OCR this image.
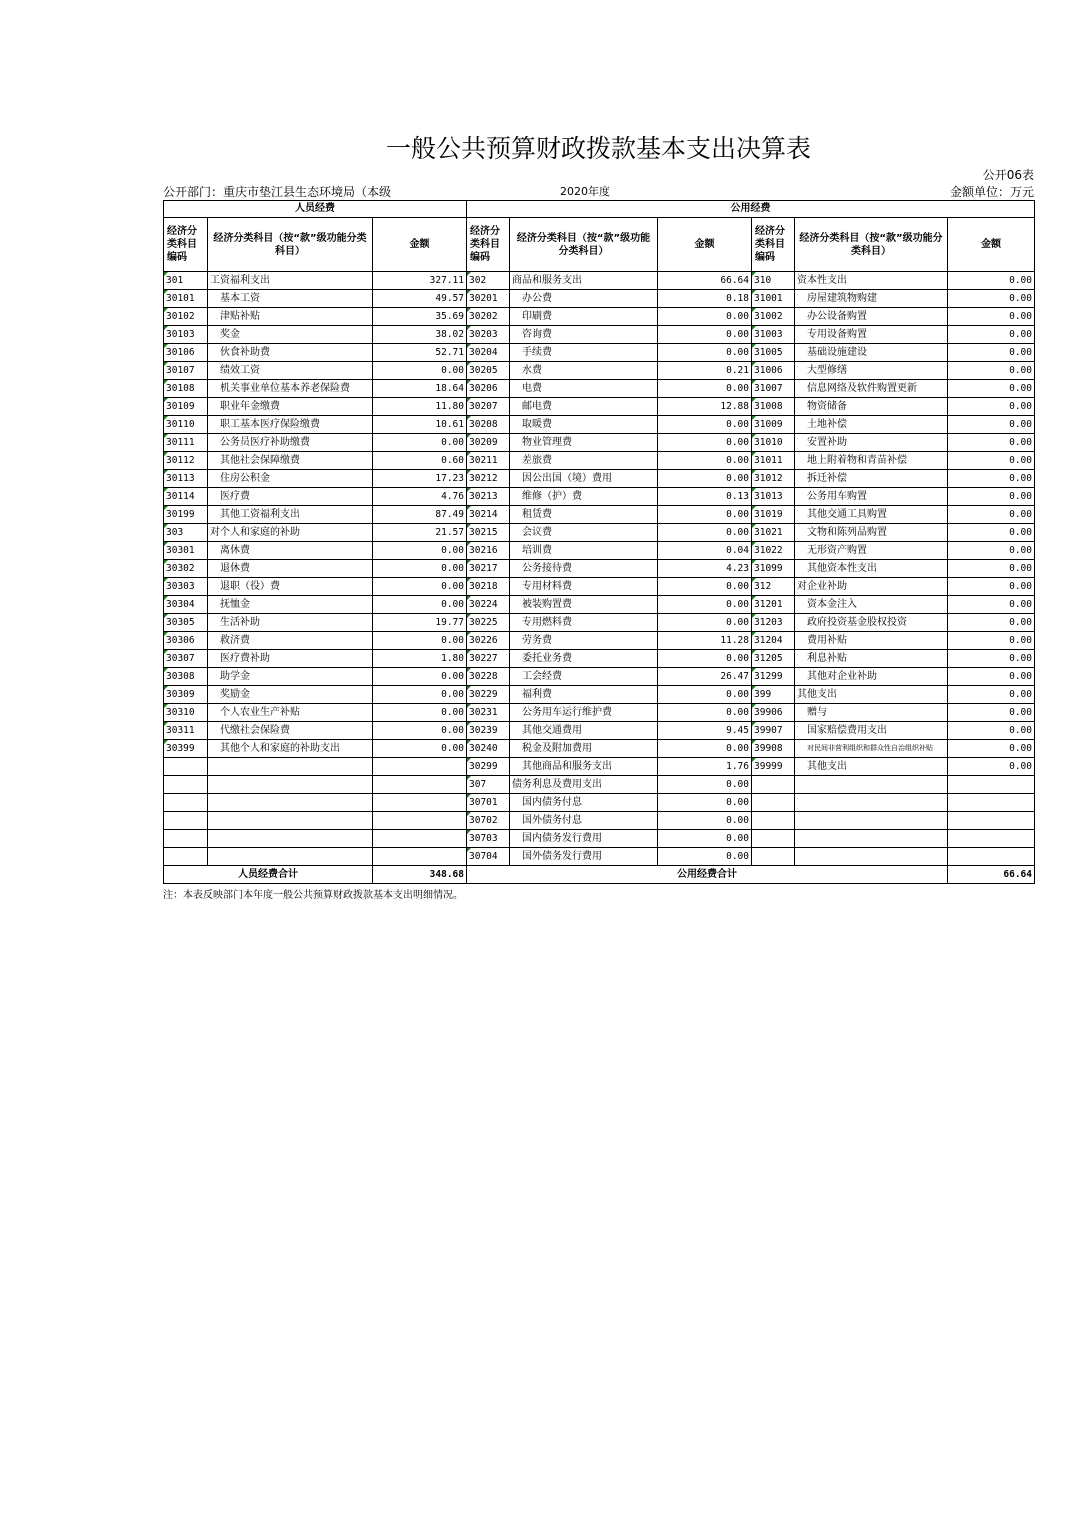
一般公共预算财政拨款基本支出决算表
公开06表
公开部门：重庆市垫江县生态环境局（本级	2020年度	金额单位：万元
人员经费			公用经费					
经济分类科目编码	经济分类科目（按“款”级功能分类科目）	金额	经济分类科目编码	经济分类科目（按“款”级功能分类科目）	金额	经济分类科目编码	经济分类科目（按“款”级功能分类科目）	金额
301	工资福利支出	327.11	302	商品和服务支出	66.64	310	资本性支出	0.00
30101	基本工资	49.57	30201	办公费	0.18	31001	房屋建筑物购建	0.00
30102	津贴补贴	35.69	30202	印刷费	0.00	31002	办公设备购置	0.00
30103	奖金	38.02	30203	咨询费	0.00	31003	专用设备购置	0.00
30106	伙食补助费	52.71	30204	手续费	0.00	31005	基础设施建设	0.00
30107	绩效工资	0.00	30205	水费	0.21	31006	大型修缮	0.00
30108	机关事业单位基本养老保险费	18.64	30206	电费	0.00	31007	信息网络及软件购置更新	0.00
30109	职业年金缴费	11.80	30207	邮电费	12.88	31008	物资储备	0.00
30110	职工基本医疗保险缴费	10.61	30208	取暖费	0.00	31009	土地补偿	0.00
30111	公务员医疗补助缴费	0.00	30209	物业管理费	0.00	31010	安置补助	0.00
30112	其他社会保障缴费	0.60	30211	差旅费	0.00	31011	地上附着物和青苗补偿	0.00
30113	住房公积金	17.23	30212	因公出国（境）费用	0.00	31012	拆迁补偿	0.00
30114	医疗费	4.76	30213	维修（护）费	0.13	31013	公务用车购置	0.00
30199	其他工资福利支出	87.49	30214	租赁费	0.00	31019	其他交通工具购置	0.00
303	对个人和家庭的补助	21.57	30215	会议费	0.00	31021	文物和陈列品购置	0.00
30301	离休费	0.00	30216	培训费	0.04	31022	无形资产购置	0.00
30302	退休费	0.00	30217	公务接待费	4.23	31099	其他资本性支出	0.00
30303	退职（役）费	0.00	30218	专用材料费	0.00	312	对企业补助	0.00
30304	抚恤金	0.00	30224	被装购置费	0.00	31201	资本金注入	0.00
30305	生活补助	19.77	30225	专用燃料费	0.00	31203	政府投资基金股权投资	0.00
30306	救济费	0.00	30226	劳务费	11.28	31204	费用补贴	0.00
30307	医疗费补助	1.80	30227	委托业务费	0.00	31205	利息补贴	0.00
30308	助学金	0.00	30228	工会经费	26.47	31299	其他对企业补助	0.00
30309	奖励金	0.00	30229	福利费	0.00	399	其他支出	0.00
30310	个人农业生产补贴	0.00	30231	公务用车运行维护费	0.00	39906	赠与	0.00
30311	代缴社会保险费	0.00	30239	其他交通费用	9.45	39907	国家赔偿费用支出	0.00
30399	其他个人和家庭的补助支出	0.00	30240	税金及附加费用	0.00	39908	对民间非营利组织和群众性自治组织补贴	0.00
			30299	其他商品和服务支出	1.76	39999	其他支出	0.00
			307	债务利息及费用支出	0.00			
			30701	国内债务付息	0.00			
			30702	国外债务付息	0.00			
			30703	国内债务发行费用	0.00			
			30704	国外债务发行费用	0.00			
人员经费合计		348.68	公用经费合计					66.64
注：本表反映部门本年度一般公共预算财政拨款基本支出明细情况。
